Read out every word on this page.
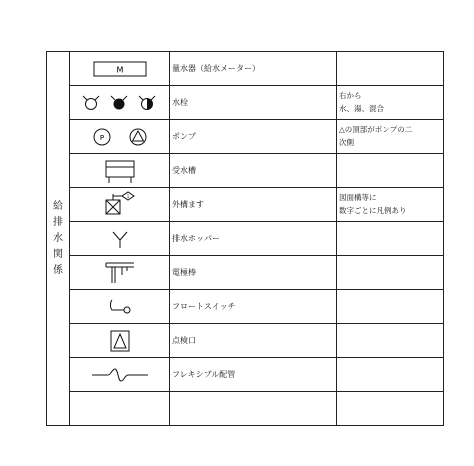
給排水関係	M	量水器（給水メーター）	

	水栓	右から
水、湯、混合

P	ポンプ	△の頂部がポンプの二
次側

	受水槽	

1	外構ます	図面構等に
数字ごとに凡例あり

	排水ホッパー	

	電極棒	

	フロートスイッチ	

	点検口	

	フレキシブル配管	
